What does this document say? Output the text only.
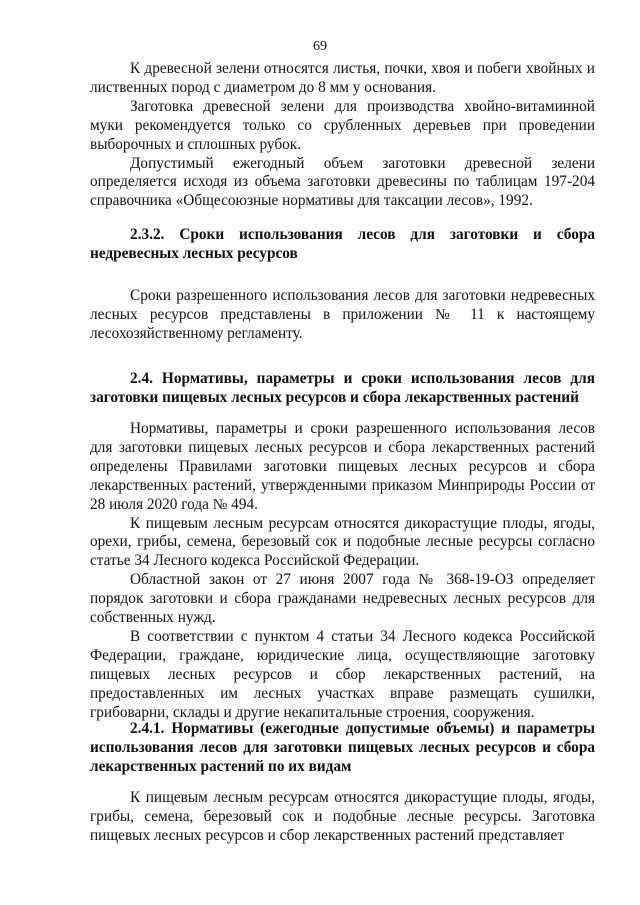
69

К древесной зелени относятся листья, почки, хвоя и побеги хвойных и лиственных пород с диаметром до 8 мм у основания.

Заготовка древесной зелени для производства хвойно-витаминной муки рекомендуется только со срубленных деревьев при проведении выборочных и сплошных рубок.

Допустимый ежегодный объем заготовки древесной зелени определяется исходя из объема заготовки древесины по таблицам 197-204 справочника «Общесоюзные нормативы для таксации лесов», 1992.

2.3.2. Сроки использования лесов для заготовки и сбора недревесных лесных ресурсов

Сроки разрешенного использования лесов для заготовки недревесных лесных ресурсов представлены в приложении № 11 к настоящему лесохозяйственному регламенту.

2.4. Нормативы, параметры и сроки использования лесов для заготовки пищевых лесных ресурсов и сбора лекарственных растений

Нормативы, параметры и сроки разрешенного использования лесов для заготовки пищевых лесных ресурсов и сбора лекарственных растений определены Правилами заготовки пищевых лесных ресурсов и сбора лекарственных растений, утвержденными приказом Минприроды России от 28 июля 2020 года № 494.

К пищевым лесным ресурсам относятся дикорастущие плоды, ягоды, орехи, грибы, семена, березовый сок и подобные лесные ресурсы согласно статье 34 Лесного кодекса Российской Федерации.

Областной закон от 27 июня 2007 года № 368-19-ОЗ определяет порядок заготовки и сбора гражданами недревесных лесных ресурсов для собственных нужд.

В соответствии с пунктом 4 статьи 34 Лесного кодекса Российской Федерации, граждане, юридические лица, осуществляющие заготовку пищевых лесных ресурсов и сбор лекарственных растений, на предоставленных им лесных участках вправе размещать сушилки, грибоварни, склады и другие некапитальные строения, сооружения.

2.4.1. Нормативы (ежегодные допустимые объемы) и параметры использования лесов для заготовки пищевых лесных ресурсов и сбора лекарственных растений по их видам

К пищевым лесным ресурсам относятся дикорастущие плоды, ягоды, грибы, семена, березовый сок и подобные лесные ресурсы. Заготовка пищевых лесных ресурсов и сбор лекарственных растений представляет
